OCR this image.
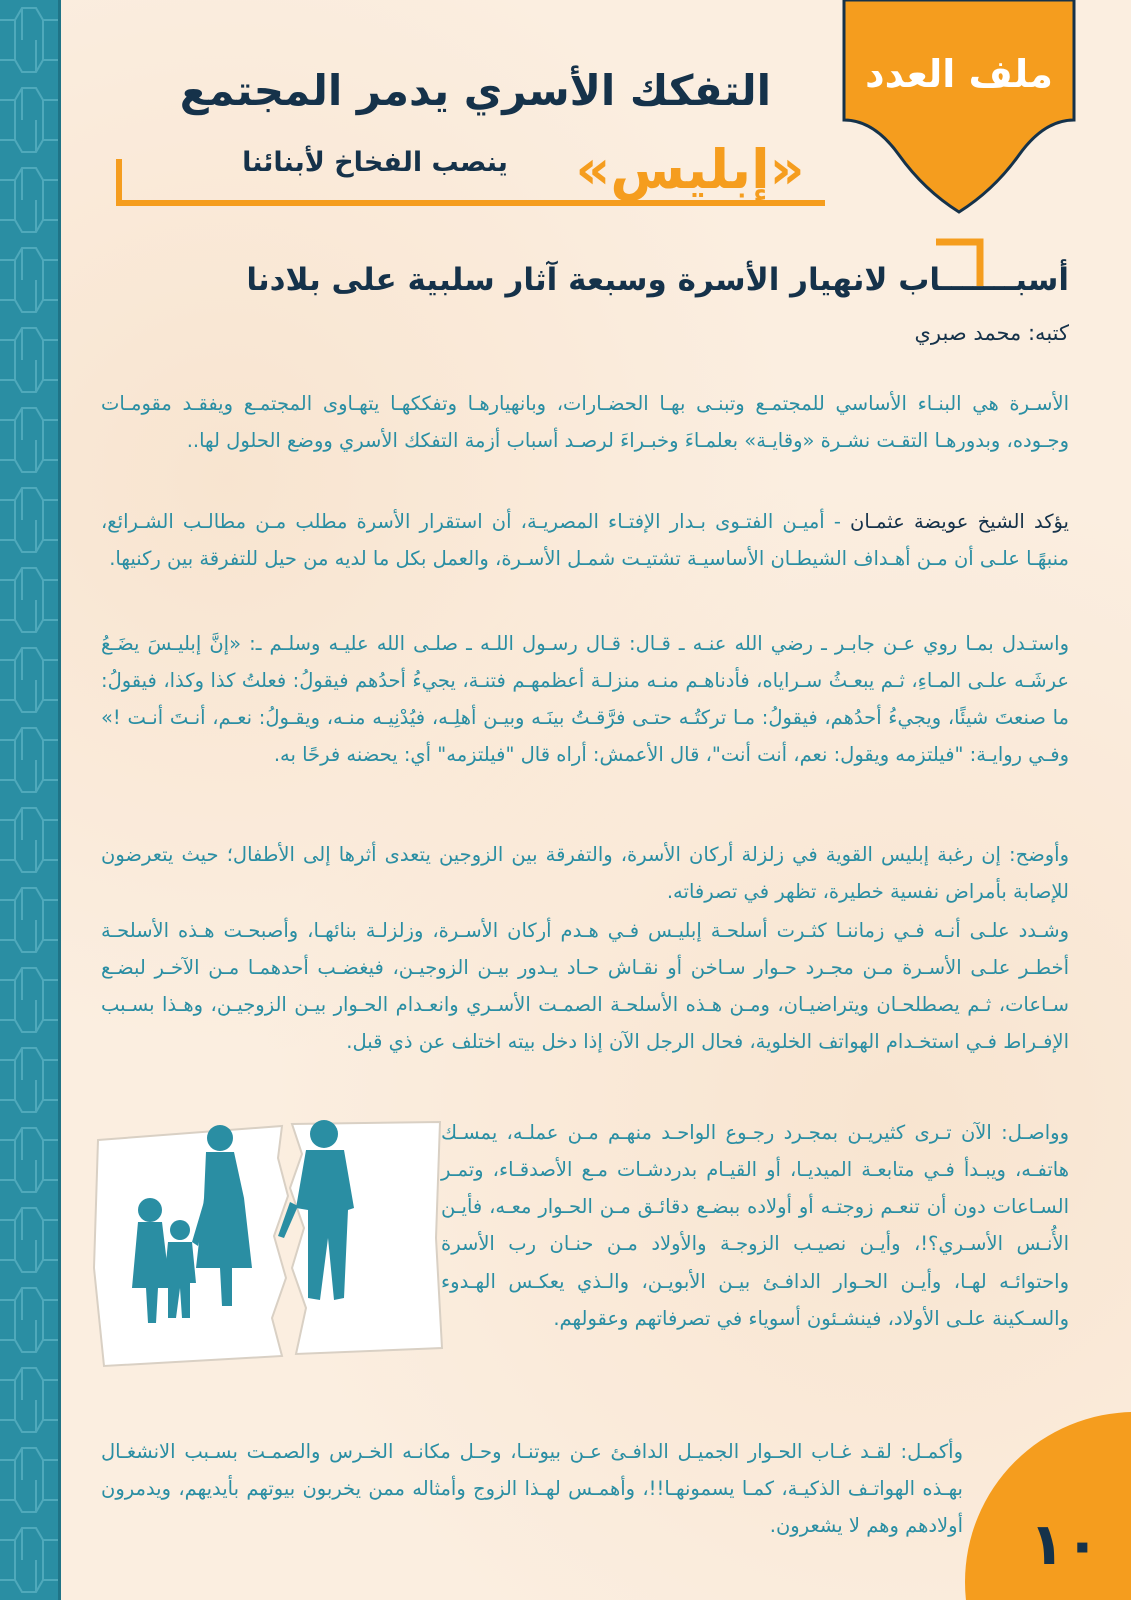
ملف العدد
التفكك الأسري يدمر المجتمع
«إبليس»
ينصب الفخاخ لأبنائنا
أسبـــــــاب لانهيار الأسرة وسبعة آثار سلبية على بلادنا
كتبه: محمد صبري

الأسـرة هي البنـاء الأساسي للمجتمـع وتبنـى بهـا الحضـارات، وبانهيارهـا وتفككهـا يتهـاوى المجتمـع ويفقـد مقومـات وجـوده، وبدورهـا التقـت نشـرة «وقايـة» بعلمـاءَ وخبـراءَ لرصـد أسباب أزمة التفكك الأسري ووضع الحلول لها..

يؤكد الشيخ عويضة عثمـان - أميـن الفتـوى بـدار الإفتـاء المصريـة، أن استقرار الأسرة مطلب مـن مطالـب الشـرائع، منبهًـا علـى أن مـن أهـداف الشيطـان الأساسيـة تشتيـت شمـل الأسـرة، والعمل بكل ما لديه من حيل للتفرقة بين ركنيها.

واستـدل بمـا روي عـن جابـر ـ رضي الله عنـه ـ قـال: قـال رسـول اللـه ـ صلـى الله عليـه وسلـم ـ: «إنَّ إبليـسَ يضَـعُ عرشَـه علـى المـاءِ، ثـم يبعـثُ سـراياه، فأدناهـم منـه منزلـة أعظمهـم فتنـة، يجيءُ أحدُهم فيقولُ: فعلتُ كذا وكذا، فيقولُ: ما صنعتَ شيئًا، ويجيءُ أحدُهم، فيقولُ: مـا تركتُـه حتـى فرَّقـتُ بينَـه وبيـن أهلِـه، فيُدْنِيـه منـه، ويقـولُ: نعـم، أنـتَ أنـت !» وفـي روايـة: "فيلتزمه ويقول: نعم، أنت أنت"، قال الأعمش: أراه قال "فيلتزمه" أي: يحضنه فرحًا به.

وأوضح: إن رغبة إبليس القوية في زلزلة أركان الأسرة، والتفرقة بين الزوجين يتعدى أثرها إلى الأطفال؛ حيث يتعرضون للإصابة بأمراض نفسية خطيرة، تظهر في تصرفاته.

وشـدد علـى أنـه فـي زماننـا كثـرت أسلحـة إبليـس فـي هـدم أركان الأسـرة، وزلزلـة بنائهـا، وأصبحـت هـذه الأسلحـة أخطـر علـى الأسـرة مـن مجـرد حـوار سـاخن أو نقـاش حـاد يـدور بيـن الزوجيـن، فيغضـب أحدهمـا مـن الآخـر لبضـع سـاعات، ثـم يصطلحـان ويتراضيـان، ومـن هـذه الأسلحـة الصمـت الأسـري وانعـدام الحـوار بيـن الزوجيـن، وهـذا بسـبب الإفـراط فـي استخـدام الهواتف الخلوية، فحال الرجل الآن إذا دخل بيته اختلف عن ذي قبل.

وواصـل: الآن تـرى كثيريـن بمجـرد رجـوع الواحـد منهـم مـن عملـه، يمسـك هاتفـه، ويبـدأ فـي متابعـة الميديـا، أو القيـام بدردشـات مـع الأصدقـاء، وتمـر السـاعات دون أن تنعـم زوجتـه أو أولاده ببضـع دقائـق مـن الحـوار معـه، فأيـن الأُنـس الأسـري؟!، وأيـن نصيـب الزوجـة والأولاد مـن حنـان رب الأسرة واحتوائـه لهـا، وأيـن الحـوار الدافـئ بيـن الأبويـن، والـذي يعكـس الهـدوء والسـكينة علـى الأولاد، فينشـئون أسوياء في تصرفاتهم وعقولهم.

وأكمـل: لقـد غـاب الحـوار الجميـل الدافـئ عـن بيوتنـا، وحـل مكانـه الخـرس والصمـت بسـبب الانشغـال بهـذه الهواتـف الذكيـة، كمـا يسمونهـا!!، وأهمـس لهـذا الزوج وأمثاله ممن يخربون بيوتهم بأيديهم، ويدمرون أولادهم وهم لا يشعرون. ١٠
